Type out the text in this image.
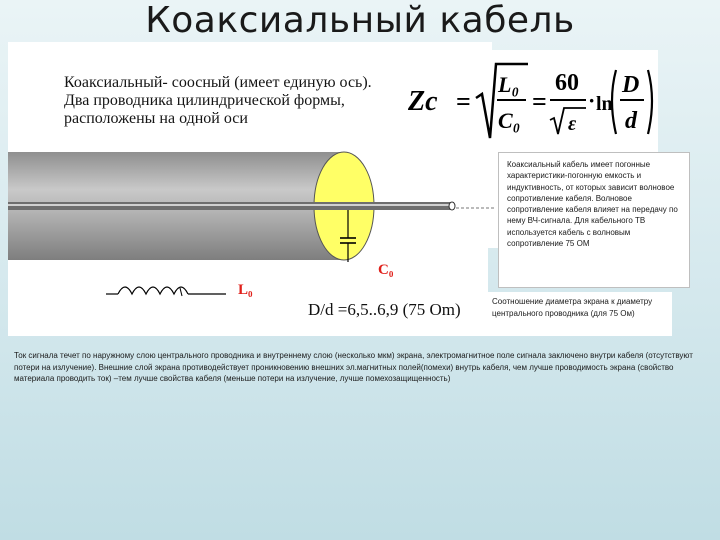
Коаксиальный кабель
Коаксиальный- соосный (имеет единую ось). Два проводника цилиндрической формы, расположены на одной оси
Zc =
L₀
C₀
=
60
ε
· ln
D
d
L₀
C₀
D/d =6,5..6,9 (75 Om)
Коаксиальный кабель имеет погонные характеристики-погонную емкость и индуктивность, от которых зависит волновое сопротивление кабеля. Волновое сопротивление кабеля влияет на передачу по нему ВЧ-сигнала. Для кабельного ТВ используется кабель с волновым сопротивление 75 ОМ
Соотношение диаметра экрана к диаметру центрального проводника (для 75 Ом)
Ток сигнала течет по наружному слою центрального проводника и внутреннему слою (несколько мкм) экрана, электромагнитное поле сигнала заключено внутри кабеля (отсутствуют потери на излучение). Внешние слой экрана противодействует проникновению внешних эл.магнитных полей(помехи) внутрь кабеля, чем лучше проводимость экрана (свойство материала проводить ток) –тем лучше свойства кабеля (меньше потери на излучение, лучше помехозащищенность)
